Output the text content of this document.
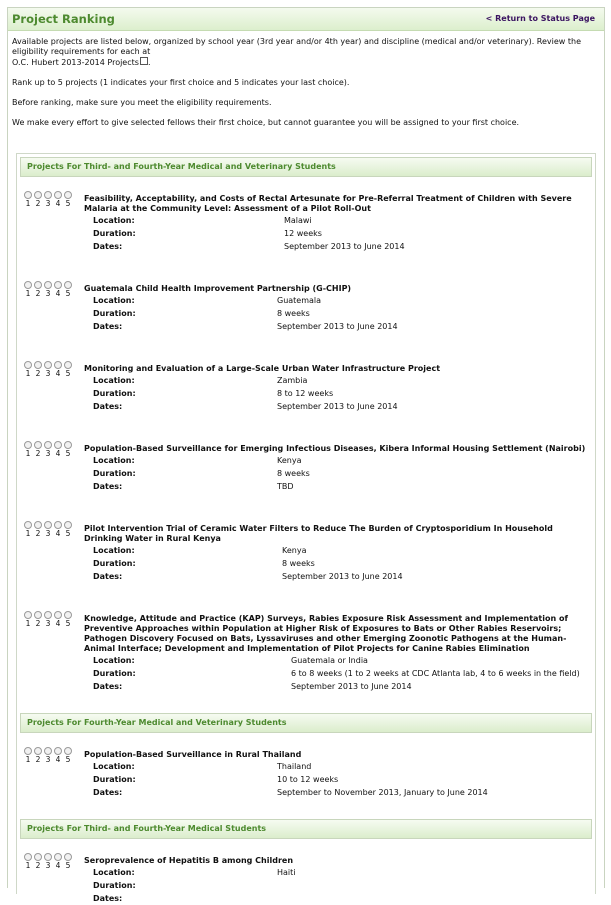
Project Ranking	< Return to Status Page

Available projects are listed below, organized by school year (3rd year and/or 4th year) and discipline (medical and/or veterinary). Review the eligibility requirements for each at
O.C. Hubert 2013-2014 Projects .

Rank up to 5 projects (1 indicates your first choice and 5 indicates your last choice).

Before ranking, make sure you meet the eligibility requirements.

We make every effort to give selected fellows their first choice, but cannot guarantee you will be assigned to your first choice.

Projects For Third- and Fourth-Year Medical and Veterinary Students
1 2 3 4 5
Feasibility, Acceptability, and Costs of Rectal Artesunate for Pre-Referral Treatment of Children with Severe Malaria at the Community Level: Assessment of a Pilot Roll-Out
Location:	Malawi
Duration:	12 weeks
Dates:	September 2013 to June 2014
1 2 3 4 5
Guatemala Child Health Improvement Partnership (G-CHIP)
Location:	Guatemala
Duration:	8 weeks
Dates:	September 2013 to June 2014
1 2 3 4 5
Monitoring and Evaluation of a Large-Scale Urban Water Infrastructure Project
Location:	Zambia
Duration:	8 to 12 weeks
Dates:	September 2013 to June 2014
1 2 3 4 5
Population-Based Surveillance for Emerging Infectious Diseases, Kibera Informal Housing Settlement (Nairobi)
Location:	Kenya
Duration:	8 weeks
Dates:	TBD
1 2 3 4 5
Pilot Intervention Trial of Ceramic Water Filters to Reduce The Burden of Cryptosporidium In Household Drinking Water in Rural Kenya
Location:	Kenya
Duration:	8 weeks
Dates:	September 2013 to June 2014
1 2 3 4 5
Knowledge, Attitude and Practice (KAP) Surveys, Rabies Exposure Risk Assessment and Implementation of Preventive Approaches within Population at Higher Risk of Exposures to Bats or Other Rabies Reservoirs; Pathogen Discovery Focused on Bats, Lyssaviruses and other Emerging Zoonotic Pathogens at the Human-Animal Interface; Development and Implementation of Pilot Projects for Canine Rabies Elimination
Location:	Guatemala or India
Duration:	6 to 8 weeks (1 to 2 weeks at CDC Atlanta lab, 4 to 6 weeks in the field)
Dates:	September 2013 to June 2014
Projects For Fourth-Year Medical and Veterinary Students
1 2 3 4 5
Population-Based Surveillance in Rural Thailand
Location:	Thailand
Duration:	10 to 12 weeks
Dates:	September to November 2013, January to June 2014
Projects For Third- and Fourth-Year Medical Students
1 2 3 4 5
Seroprevalence of Hepatitis B among Children
Location:	Haiti
Duration:
Dates:
